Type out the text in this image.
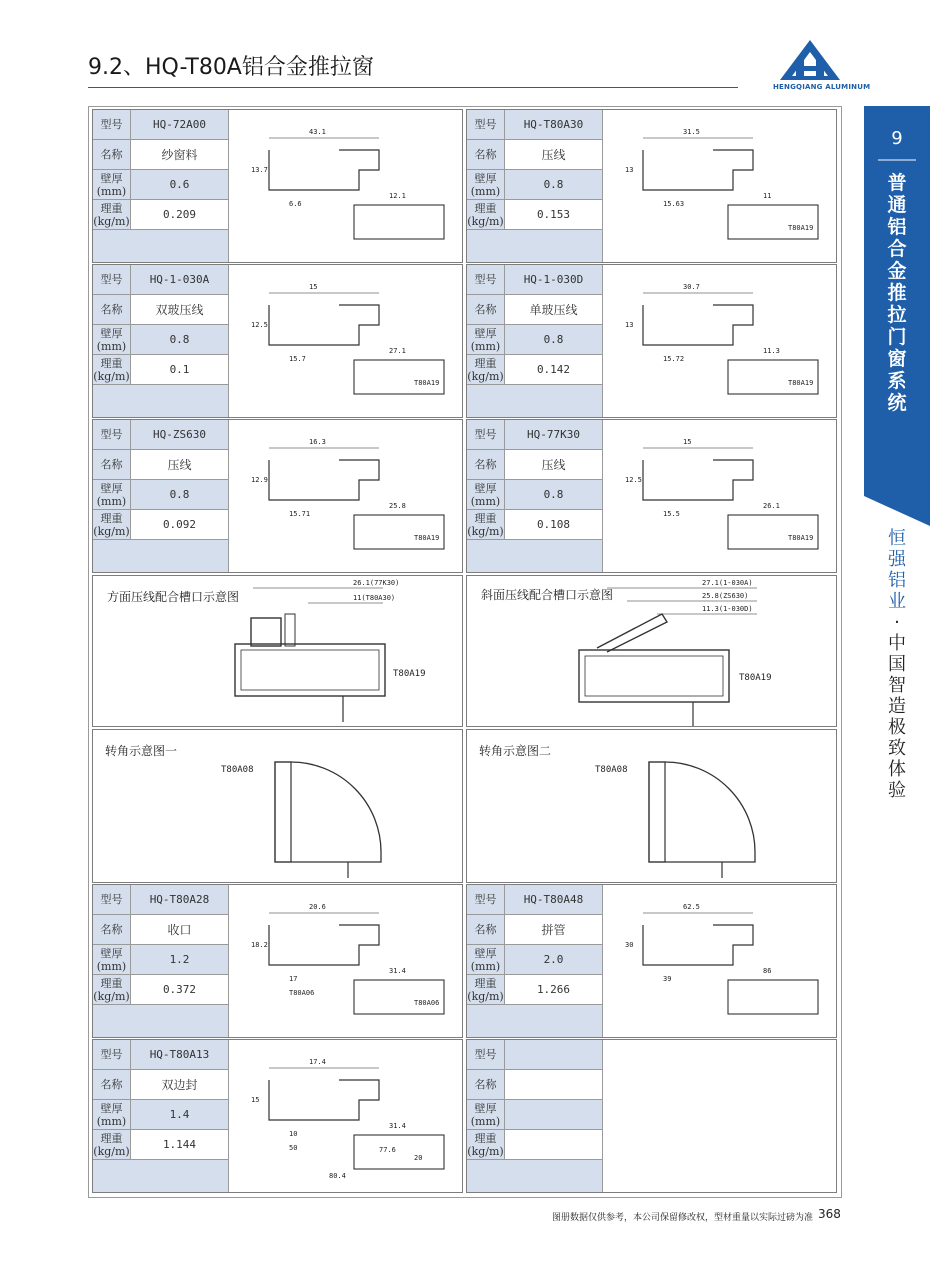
9.2、HQ-T80A铝合金推拉窗
HENGQIANG ALUMINUM
9
普通铝合金推拉门窗系统
恒强铝业
·
中国智造 极致体验
型号	HQ-72A00
名称	纱窗料
壁厚
(mm)	0.6
理重
(kg/m)	0.209
43.1
13.7
6.6
12.1
型号	HQ-T80A30
名称	压线
壁厚
(mm)	0.8
理重
(kg/m)	0.153
31.5
13
15.63
11
T80A19
型号	HQ-1-030A
名称	双玻压线
壁厚
(mm)	0.8
理重
(kg/m)	0.1
15
12.5
15.7
27.1
T80A19
型号	HQ-1-030D
名称	单玻压线
壁厚
(mm)	0.8
理重
(kg/m)	0.142
30.7
13
15.72
11.3
T80A19
型号	HQ-ZS630
名称	压线
壁厚
(mm)	0.8
理重
(kg/m)	0.092
16.3
12.9
15.71
25.8
T80A19
型号	HQ-77K30
名称	压线
壁厚
(mm)	0.8
理重
(kg/m)	0.108
15
12.5
15.5
26.1
T80A19
型号	HQ-T80A28
名称	收口
壁厚
(mm)	1.2
理重
(kg/m)	0.372
20.6
18.2
17
31.4
T80A06
T80A06
型号	HQ-T80A48
名称	拼管
壁厚
(mm)	2.0
理重
(kg/m)	1.266
62.5
30
39
86
型号	HQ-T80A13
名称	双边封
壁厚
(mm)	1.4
理重
(kg/m)	1.144
17.4
15
10
31.4
20
50	77.6
80.4
型号
名称
壁厚
(mm)
理重
(kg/m)
方面压线配合槽口示意图
26.1(77K30)
11(T80A30)
T80A19
斜面压线配合槽口示意图
27.1(1-030A)
25.8(ZS630)
11.3(1-030D)
T80A19
转角示意图一
T80A08
转角示意图二
T80A08
图册数据仅供参考，本公司保留修改权，型材重量以实际过磅为准 368
